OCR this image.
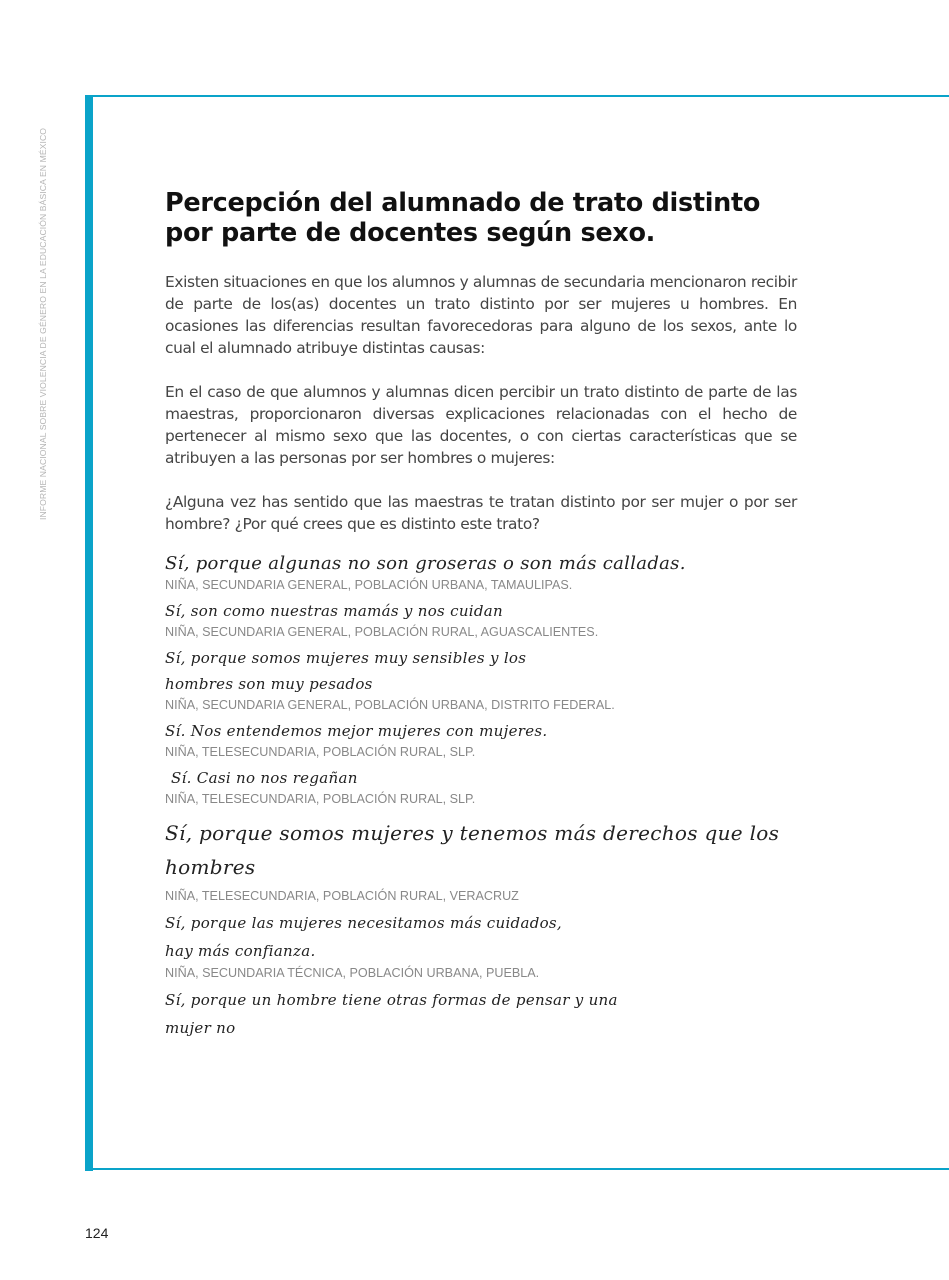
INFORME NACIONAL SOBRE VIOLENCIA DE GÉNERO EN LA EDUCACIÓN BÁSICA EN MÉXICO	Percepción del alumnado de trato distinto por parte de docentes según sexo.

Existen situaciones en que los alumnos y alumnas de secundaria mencionaron recibir de parte de los(as) docentes un trato distinto por ser mujeres u hombres. En ocasiones las diferencias resultan favorecedoras para alguno de los sexos, ante lo cual el alumnado atribuye distintas causas:

En el caso de que alumnos y alumnas dicen percibir un trato distinto de parte de las maestras, proporcionaron diversas explicaciones relacionadas con el hecho de pertenecer al mismo sexo que las docentes, o con ciertas características que se atribuyen a las personas por ser hombres o mujeres:

¿Alguna vez has sentido que las maestras te tratan distinto por ser mujer o por ser hombre? ¿Por qué crees que es distinto este trato?

Sí, porque algunas no son groseras o son más calladas.
NIÑA, SECUNDARIA GENERAL, POBLACIÓN URBANA, TAMAULIPAS.
Sí, son como nuestras mamás y nos cuidan
NIÑA, SECUNDARIA GENERAL, POBLACIÓN RURAL, AGUASCALIENTES.
Sí, porque somos mujeres muy sensibles y los hombres son muy pesados
NIÑA, SECUNDARIA GENERAL, POBLACIÓN URBANA, DISTRITO FEDERAL.
Sí. Nos entendemos mejor mujeres con mujeres.
NIÑA, TELESECUNDARIA, POBLACIÓN RURAL, SLP.
Sí. Casi no nos regañan
NIÑA, TELESECUNDARIA, POBLACIÓN RURAL, SLP.
Sí, porque somos mujeres y tenemos más derechos que los hombres
NIÑA, TELESECUNDARIA, POBLACIÓN RURAL, VERACRUZ
Sí, porque las mujeres necesitamos más cuidados, hay más confianza.
NIÑA, SECUNDARIA TÉCNICA, POBLACIÓN URBANA, PUEBLA.
Sí, porque un hombre tiene otras formas de pensar y una mujer no
124
